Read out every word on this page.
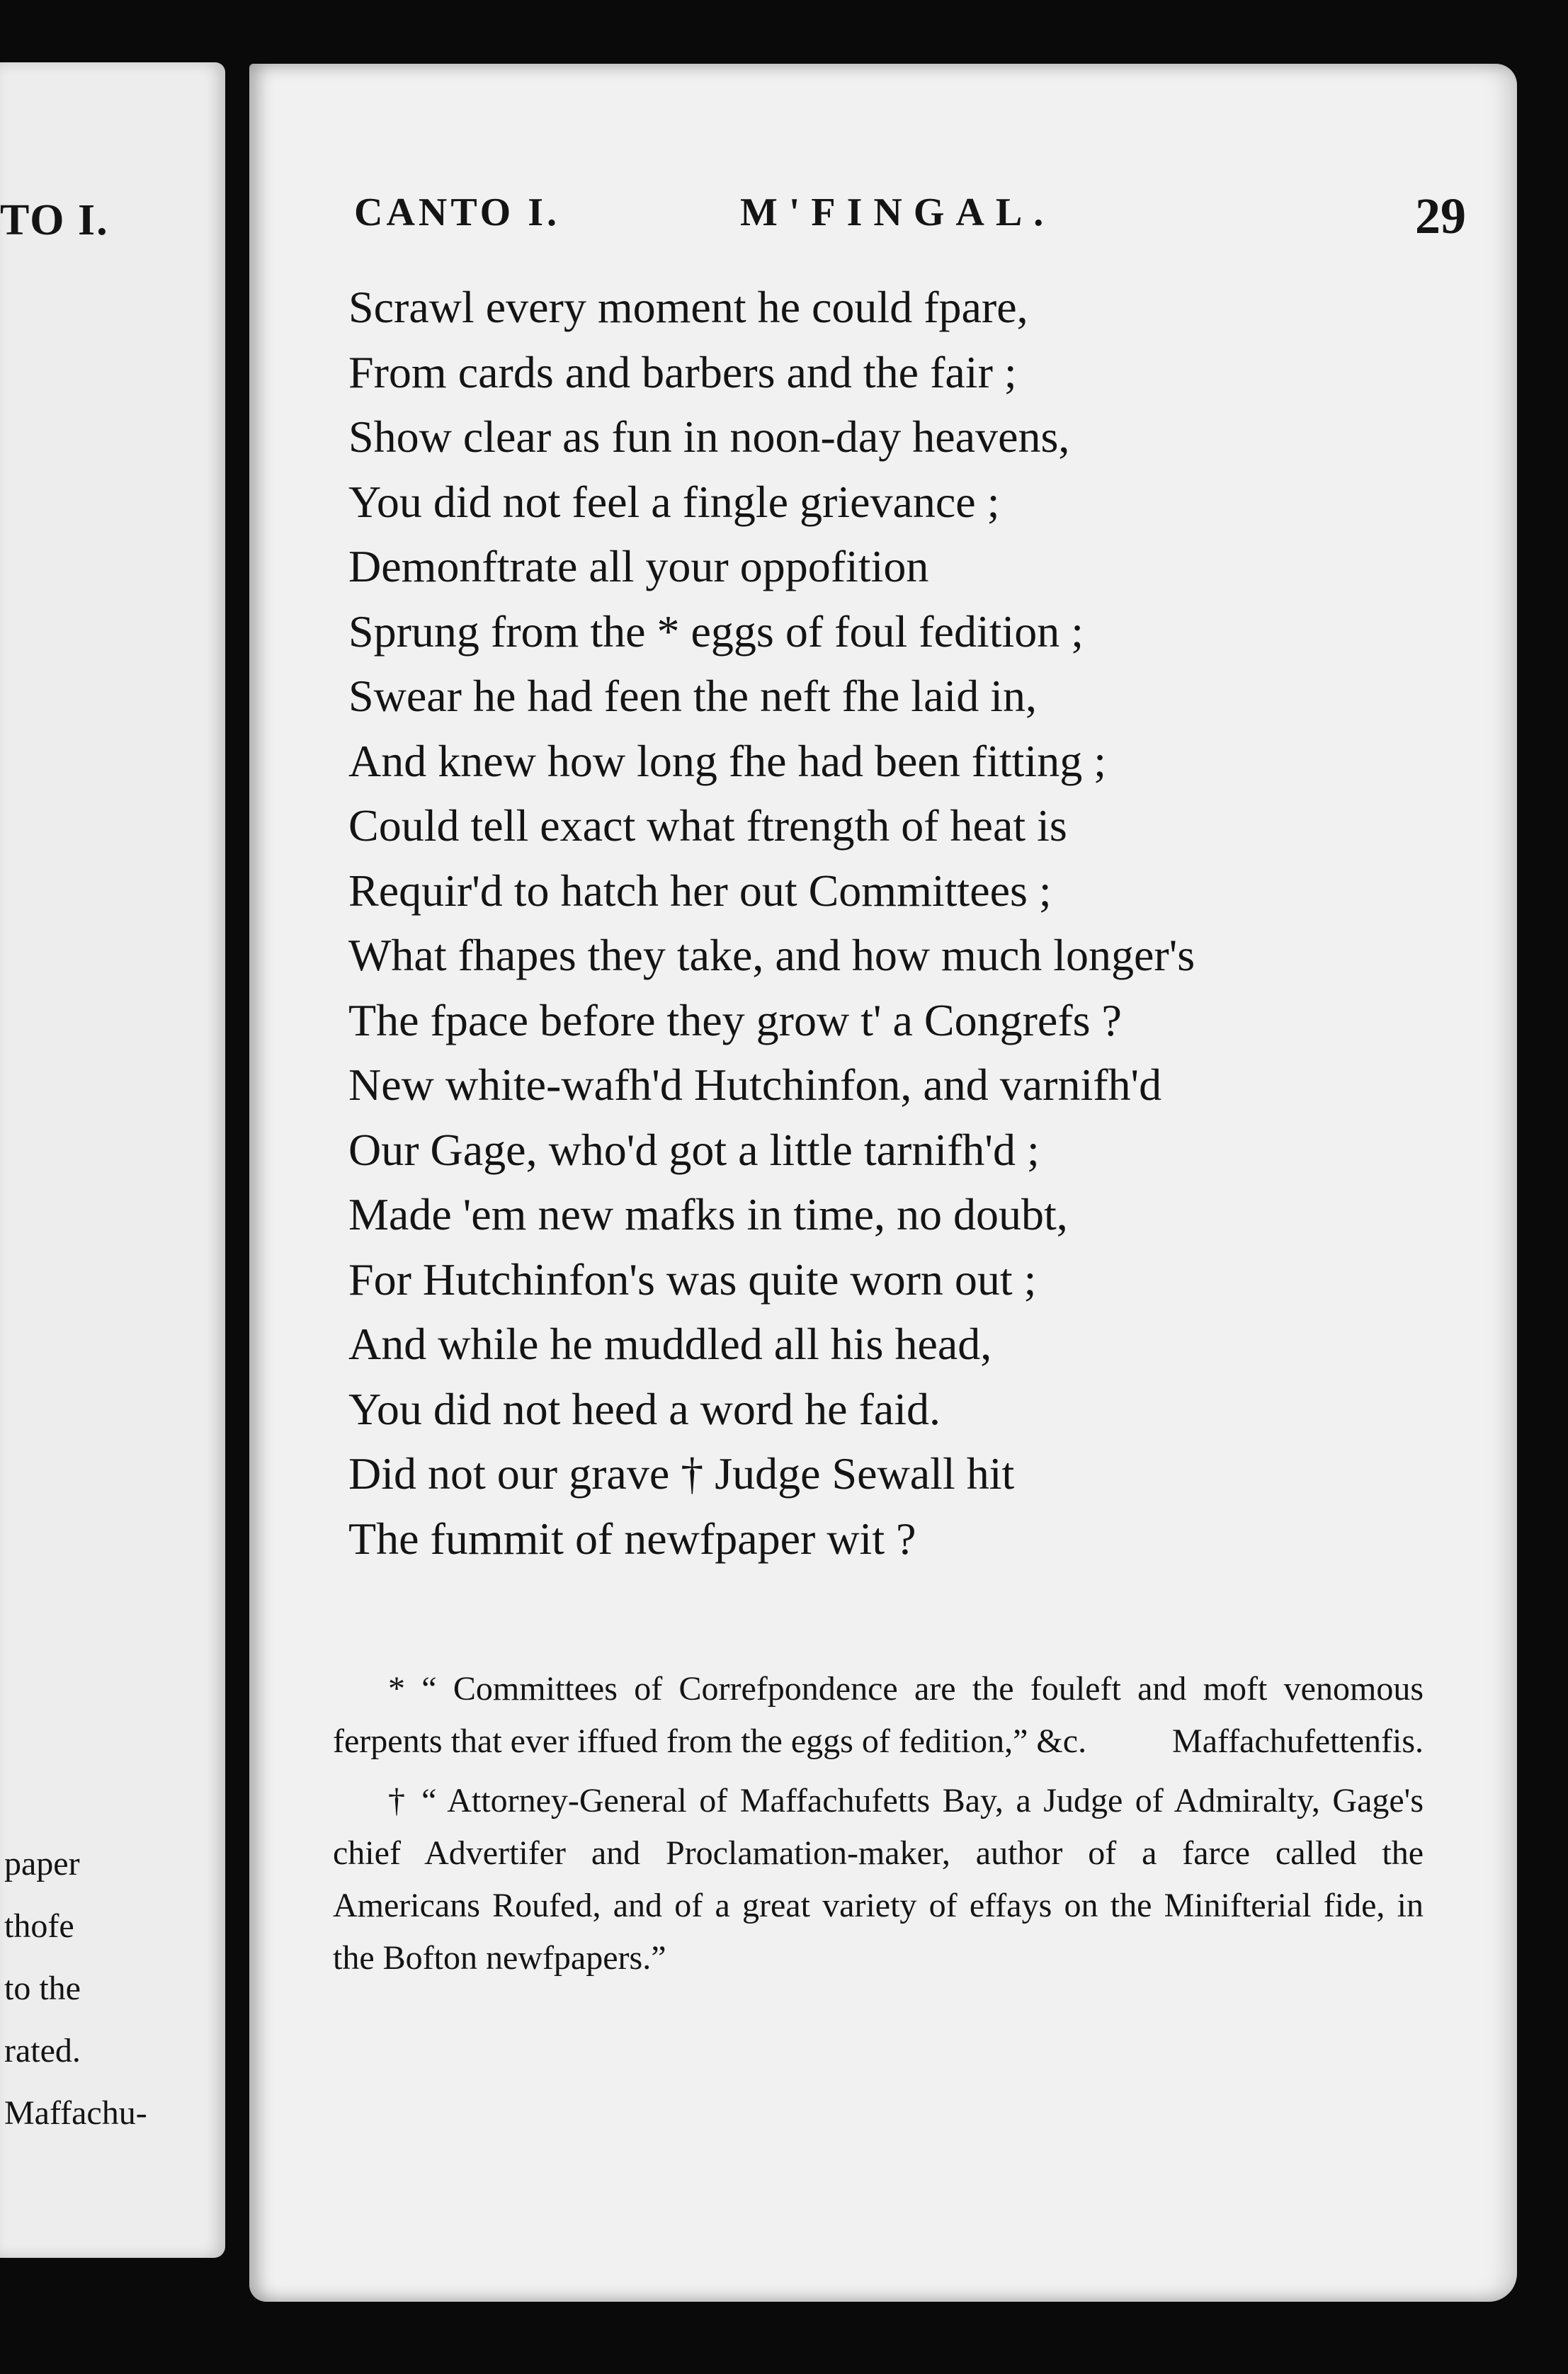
TO I.
paper
thofe
to the
rated.
Maffachu-
CANTO I.	M'FINGAL.	29
Scrawl every moment he could fpare,
From cards and barbers and the fair ;
Show clear as fun in noon-day heavens,
You did not feel a fingle grievance ;
Demonftrate all your oppofition
Sprung from the * eggs of foul fedition ;
Swear he had feen the neft fhe laid in,
And knew how long fhe had been fitting ;
Could tell exact what ftrength of heat is
Requir'd to hatch her out Committees ;
What fhapes they take, and how much longer's
The fpace before they grow t' a Congrefs ?
New white-wafh'd Hutchinfon, and varnifh'd
Our Gage, who'd got a little tarnifh'd ;
Made 'em new mafks in time, no doubt,
For Hutchinfon's was quite worn out ;
And while he muddled all his head,
You did not heed a word he faid.
Did not our grave † Judge Sewall hit
The fummit of newfpaper wit ?

* “ Committees of Correfpondence are the fouleft and moft venomous ferpents that ever iffued from the eggs of fedition,” &c.	Maffachufettenfis.

† “ Attorney-General of Maffachufetts Bay, a Judge of Admiralty, Gage's chief Advertifer and Proclamation-maker, author of a farce called the Americans Roufed, and of a great variety of effays on the Minifterial fide, in the Bofton newfpapers.”
